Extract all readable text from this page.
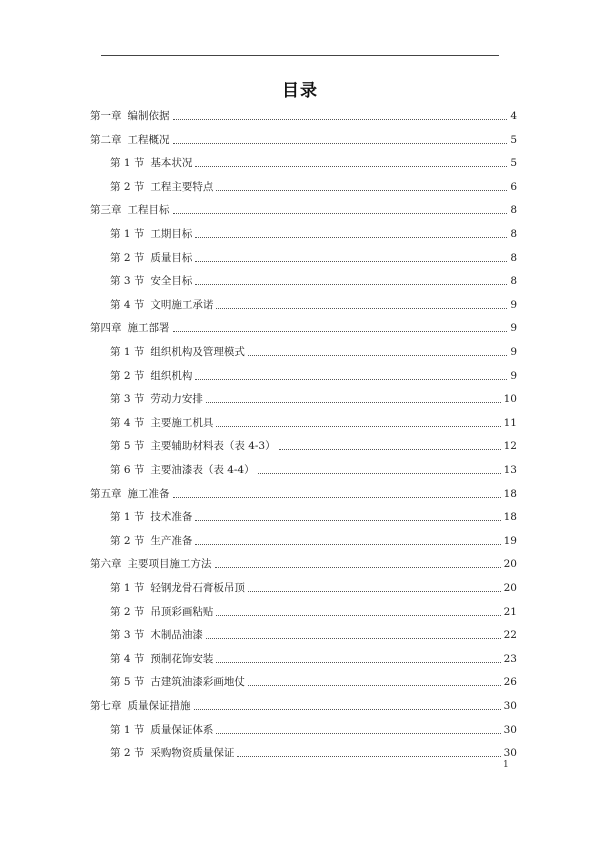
目录
第一章 编制依据	4
第二章 工程概况	5
第 1 节 基本状况	5
第 2 节 工程主要特点	6
第三章 工程目标	8
第 1 节 工期目标	8
第 2 节 质量目标	8
第 3 节 安全目标	8
第 4 节 文明施工承诺	9
第四章 施工部署	9
第 1 节 组织机构及管理模式	9
第 2 节 组织机构	9
第 3 节 劳动力安排	10
第 4 节 主要施工机具	11
第 5 节 主要辅助材料表（表 4-3）	12
第 6 节 主要油漆表（表 4-4）	13
第五章 施工准备	18
第 1 节 技术准备	18
第 2 节 生产准备	19
第六章 主要项目施工方法	20
第 1 节 轻钢龙骨石膏板吊顶	20
第 2 节 吊顶彩画粘贴	21
第 3 节 木制品油漆	22
第 4 节 预制花饰安装	23
第 5 节 古建筑油漆彩画地仗	26
第七章 质量保证措施	30
第 1 节 质量保证体系	30
第 2 节 采购物资质量保证	30
1
